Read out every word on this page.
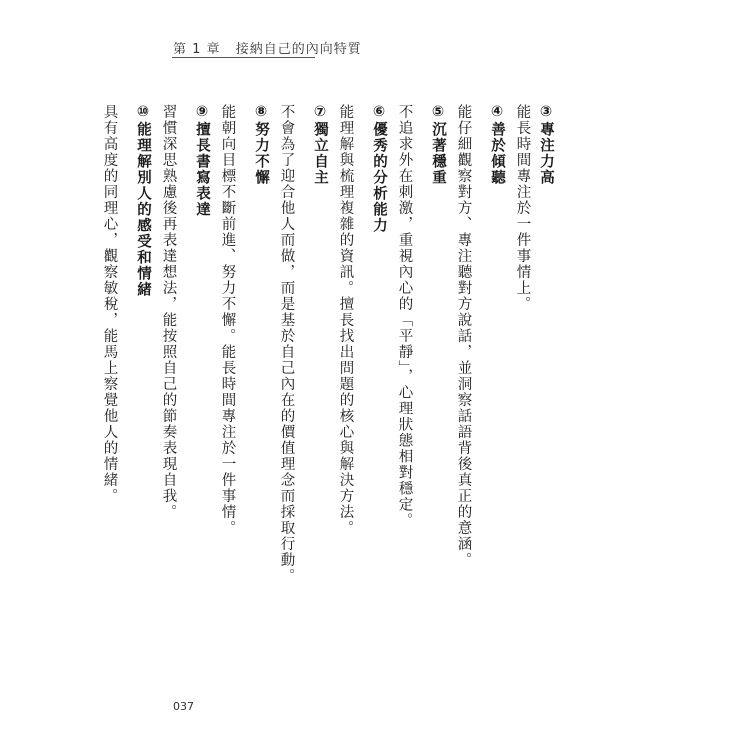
第 1 章 接納自己的內向特質

③專注力高

能長時間專注於一件事情上。

④善於傾聽

能仔細觀察對方、專注聽對方說話，並洞察話語背後真正的意涵。

⑤沉著穩重

不追求外在刺激，重視內心的「平靜」，心理狀態相對穩定。

⑥優秀的分析能力

能理解與梳理複雜的資訊。擅長找出問題的核心與解決方法。

⑦獨立自主

不會為了迎合他人而做，而是基於自己內在的價值理念而採取行動。

⑧努力不懈

能朝向目標不斷前進、努力不懈。能長時間專注於一件事情。

⑨擅長書寫表達

習慣深思熟慮後再表達想法，能按照自己的節奏表現自我。

⑩能理解別人的感受和情緒

具有高度的同理心，觀察敏稅，能馬上察覺他人的情緒。

037
